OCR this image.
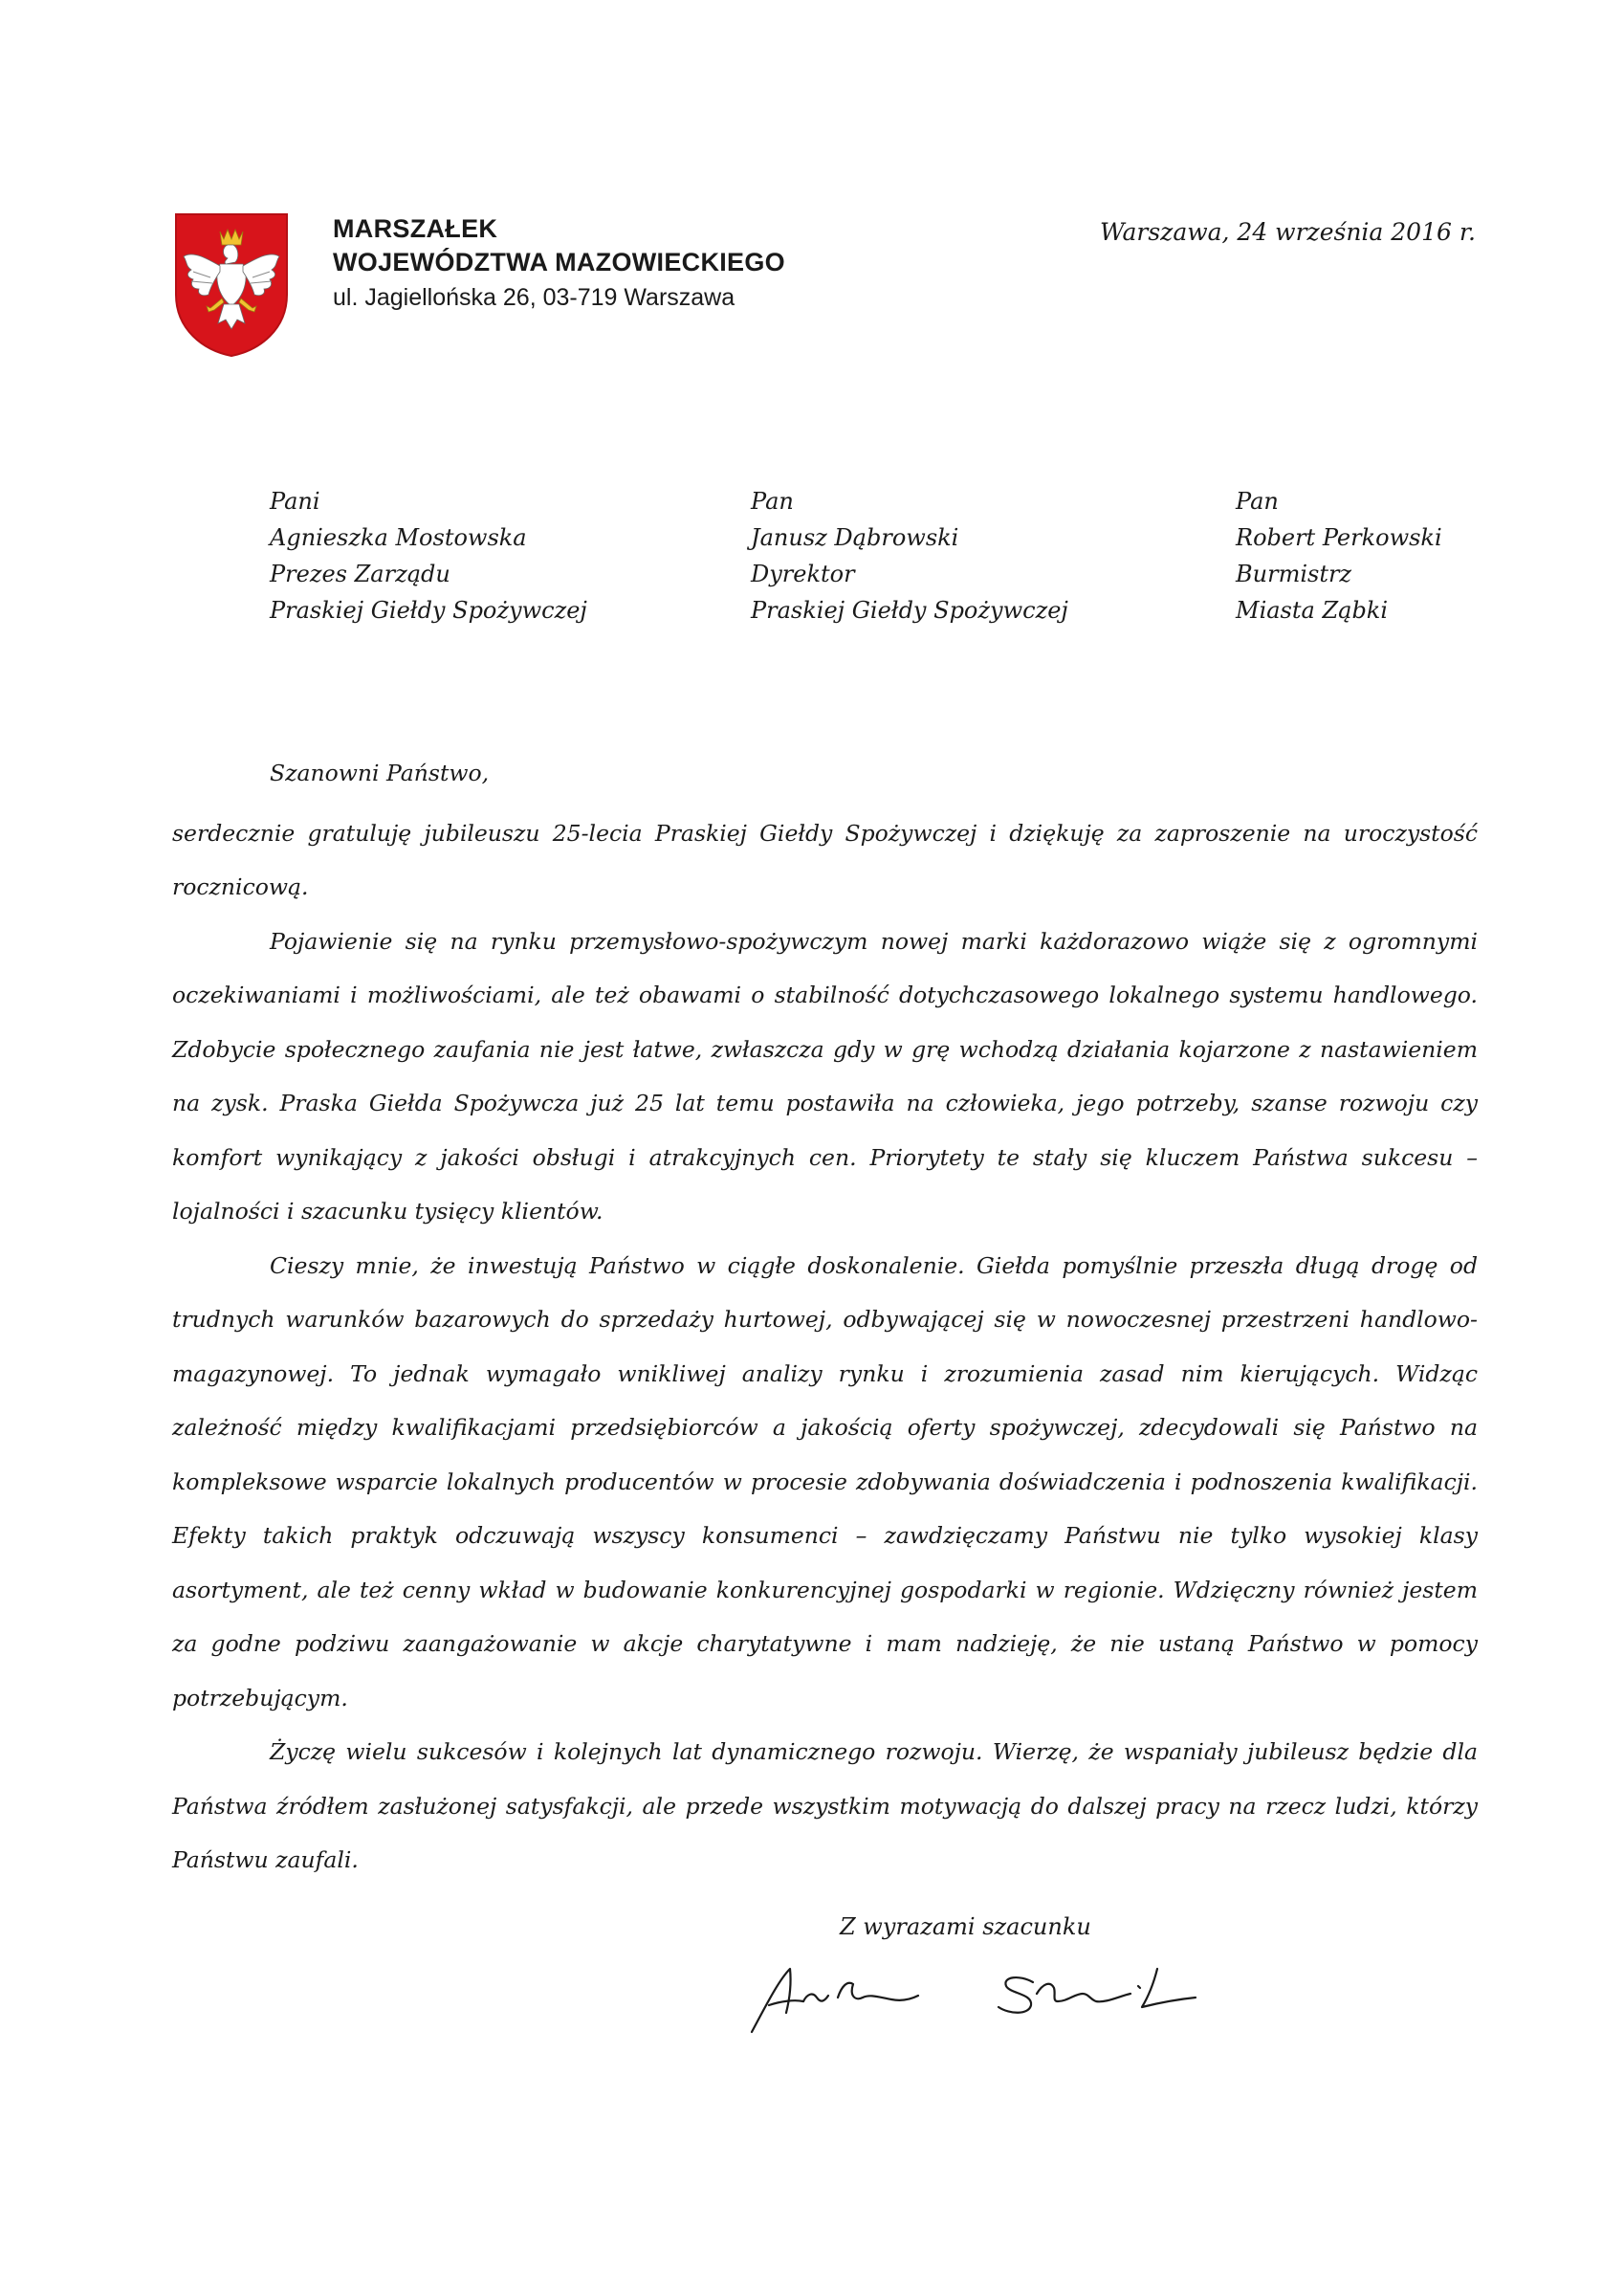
MARSZAŁEK
WOJEWÓDZTWA MAZOWIECKIEGO
ul. Jagiellońska 26, 03-719 Warszawa
Warszawa, 24 września 2016 r.
Pani
Agnieszka Mostowska
Prezes Zarządu
Praskiej Giełdy Spożywczej
Pan
Janusz Dąbrowski
Dyrektor
Praskiej Giełdy Spożywczej
Pan
Robert Perkowski
Burmistrz
Miasta Ząbki
Szanowni Państwo,

serdecznie gratuluję jubileuszu 25-lecia Praskiej Giełdy Spożywczej i dziękuję za zaproszenie na uroczystość rocznicową.

Pojawienie się na rynku przemysłowo-spożywczym nowej marki każdorazowo wiąże się z ogromnymi oczekiwaniami i możliwościami, ale też obawami o stabilność dotychczasowego lokalnego systemu handlowego. Zdobycie społecznego zaufania nie jest łatwe, zwłaszcza gdy w grę wchodzą działania kojarzone z nastawieniem na zysk. Praska Giełda Spożywcza już 25 lat temu postawiła na człowieka, jego potrzeby, szanse rozwoju czy komfort wynikający z jakości obsługi i atrakcyjnych cen. Priorytety te stały się kluczem Państwa sukcesu – lojalności i szacunku tysięcy klientów.

Cieszy mnie, że inwestują Państwo w ciągłe doskonalenie. Giełda pomyślnie przeszła długą drogę od trudnych warunków bazarowych do sprzedaży hurtowej, odbywającej się w nowoczesnej przestrzeni handlowo-magazynowej. To jednak wymagało wnikliwej analizy rynku i zrozumienia zasad nim kierujących. Widząc zależność między kwalifikacjami przedsiębiorców a jakością oferty spożywczej, zdecydowali się Państwo na kompleksowe wsparcie lokalnych producentów w procesie zdobywania doświadczenia i podnoszenia kwalifikacji. Efekty takich praktyk odczuwają wszyscy konsumenci – zawdzięczamy Państwu nie tylko wysokiej klasy asortyment, ale też cenny wkład w budowanie konkurencyjnej gospodarki w regionie. Wdzięczny również jestem za godne podziwu zaangażowanie w akcje charytatywne i mam nadzieję, że nie ustaną Państwo w pomocy potrzebującym.

Życzę wielu sukcesów i kolejnych lat dynamicznego rozwoju. Wierzę, że wspaniały jubileusz będzie dla Państwa źródłem zasłużonej satysfakcji, ale przede wszystkim motywacją do dalszej pracy na rzecz ludzi, którzy Państwu zaufali.

Z wyrazami szacunku
